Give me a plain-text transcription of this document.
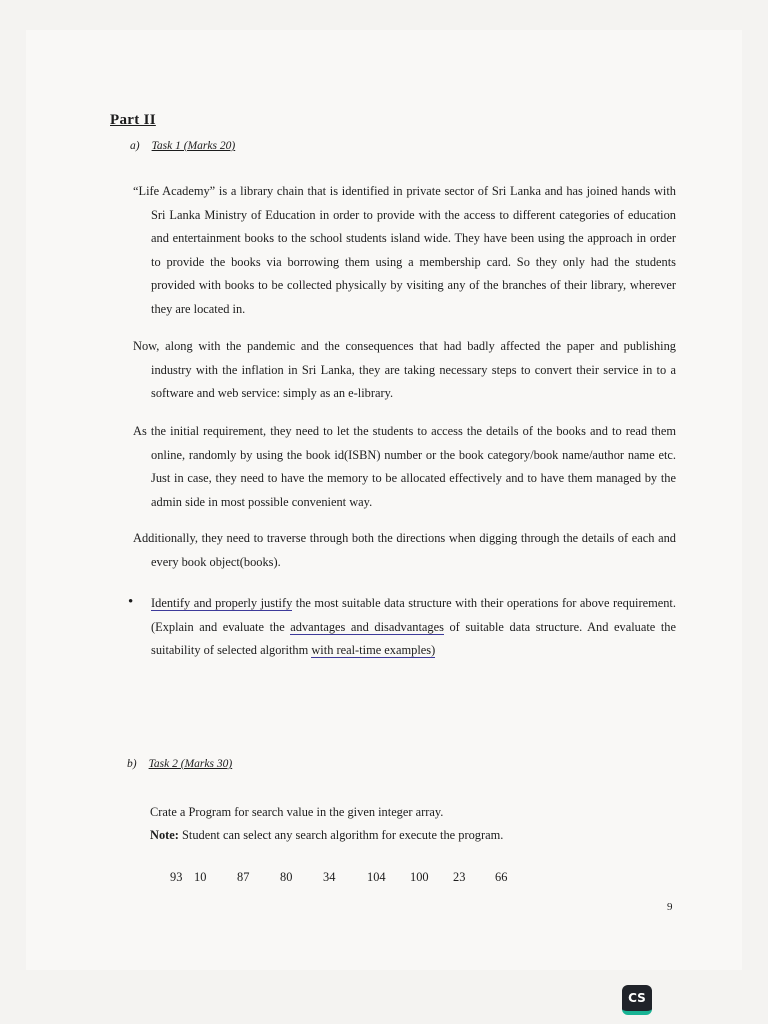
Part II
a) Task 1 (Marks 20)
“Life Academy” is a library chain that is identified in private sector of Sri Lanka and has joined hands with Sri Lanka Ministry of Education in order to provide with the access to different categories of education and entertainment books to the school students island wide. They have been using the approach in order to provide the books via borrowing them using a membership card. So they only had the students provided with books to be collected physically by visiting any of the branches of their library, wherever they are located in.
Now, along with the pandemic and the consequences that had badly affected the paper and publishing industry with the inflation in Sri Lanka, they are taking necessary steps to convert their service in to a software and web service: simply as an e-library.
As the initial requirement, they need to let the students to access the details of the books and to read them online, randomly by using the book id(ISBN) number or the book category/book name/author name etc. Just in case, they need to have the memory to be allocated effectively and to have them managed by the admin side in most possible convenient way.
Additionally, they need to traverse through both the directions when digging through the details of each and every book object(books).
• Identify and properly justify the most suitable data structure with their operations for above requirement. (Explain and evaluate the advantages and disadvantages of suitable data structure. And evaluate the suitability of selected algorithm with real-time examples)
b) Task 2 (Marks 30)
Crate a Program for search value in the given integer array.
Note: Student can select any search algorithm for execute the program.
93 10 87 80 34	104 100 23 66
9
CS
